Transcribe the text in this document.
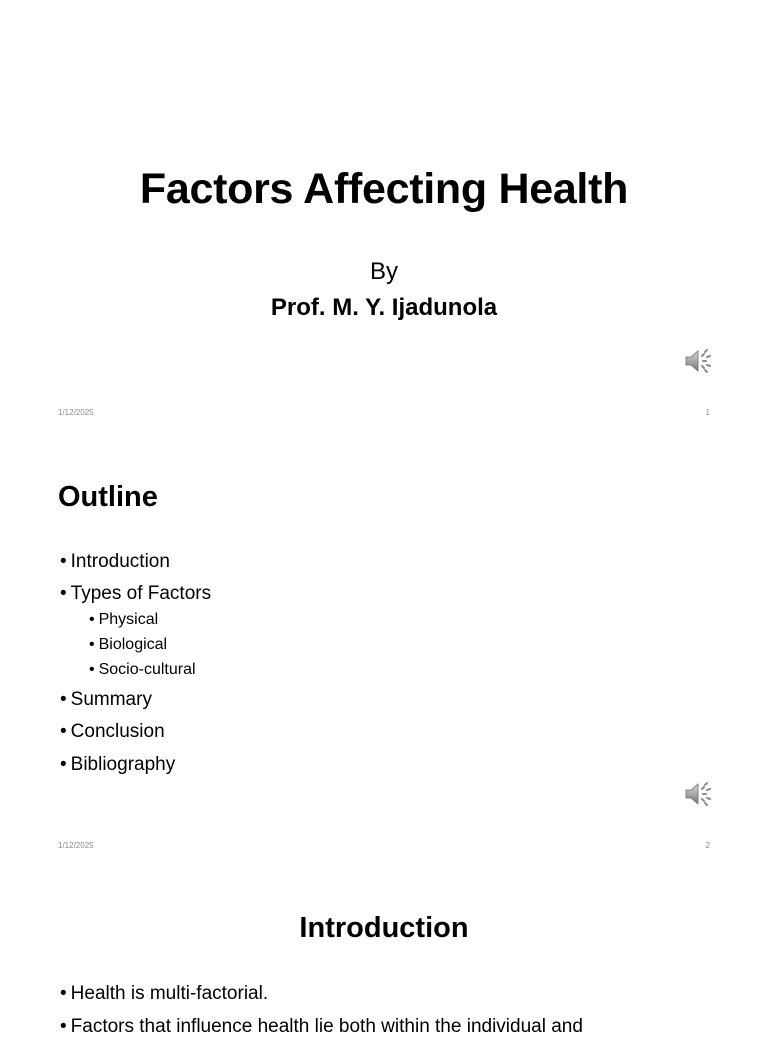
Factors Affecting Health
By
Prof. M. Y. Ijadunola
1/12/2025	1
Outline
• Introduction
• Types of Factors
• Physical
• Biological
• Socio-cultural
• Summary
• Conclusion
• Bibliography
1/12/2025	2
Introduction
• Health is multi-factorial.
• Factors that influence health lie both within the individual and
